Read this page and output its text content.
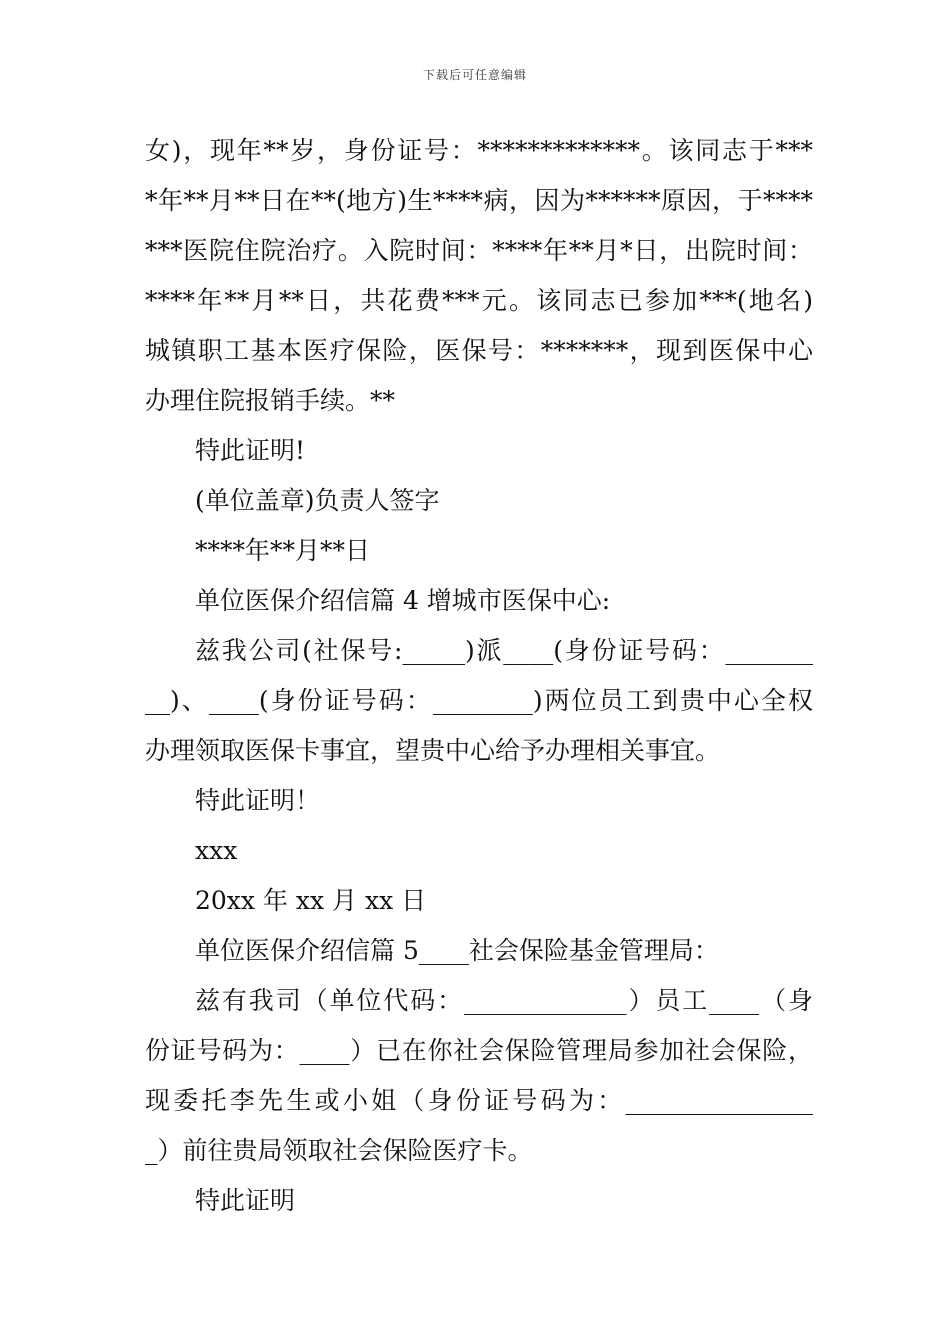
下载后可任意编辑
女)，现年**岁，身份证号：*************。该同志于***
*年**月**日在**(地方)生****病，因为******原因，于****
***医院住院治疗。入院时间：****年**月*日，出院时间：
****年**月**日，共花费***元。该同志已参加***(地名)
城镇职工基本医疗保险，医保号：*******，现到医保中心
办理住院报销手续。**
特此证明!
(单位盖章)负责人签字
****年**月**日
单位医保介绍信篇 4 增城市医保中心:
兹我公司(社保号:_____)派____(身份证号码：_______
__)、____(身份证号码：________)两位员工到贵中心全权
办理领取医保卡事宜，望贵中心给予办理相关事宜。
特此证明！
xxx
20xx 年 xx 月 xx 日
单位医保介绍信篇 5____社会保险基金管理局：
兹有我司（单位代码：_____________）员工____（身
份证号码为：____）已在你社会保险管理局参加社会保险，
现委托李先生或小姐（身份证号码为：_______________
_）前往贵局领取社会保险医疗卡。
特此证明
